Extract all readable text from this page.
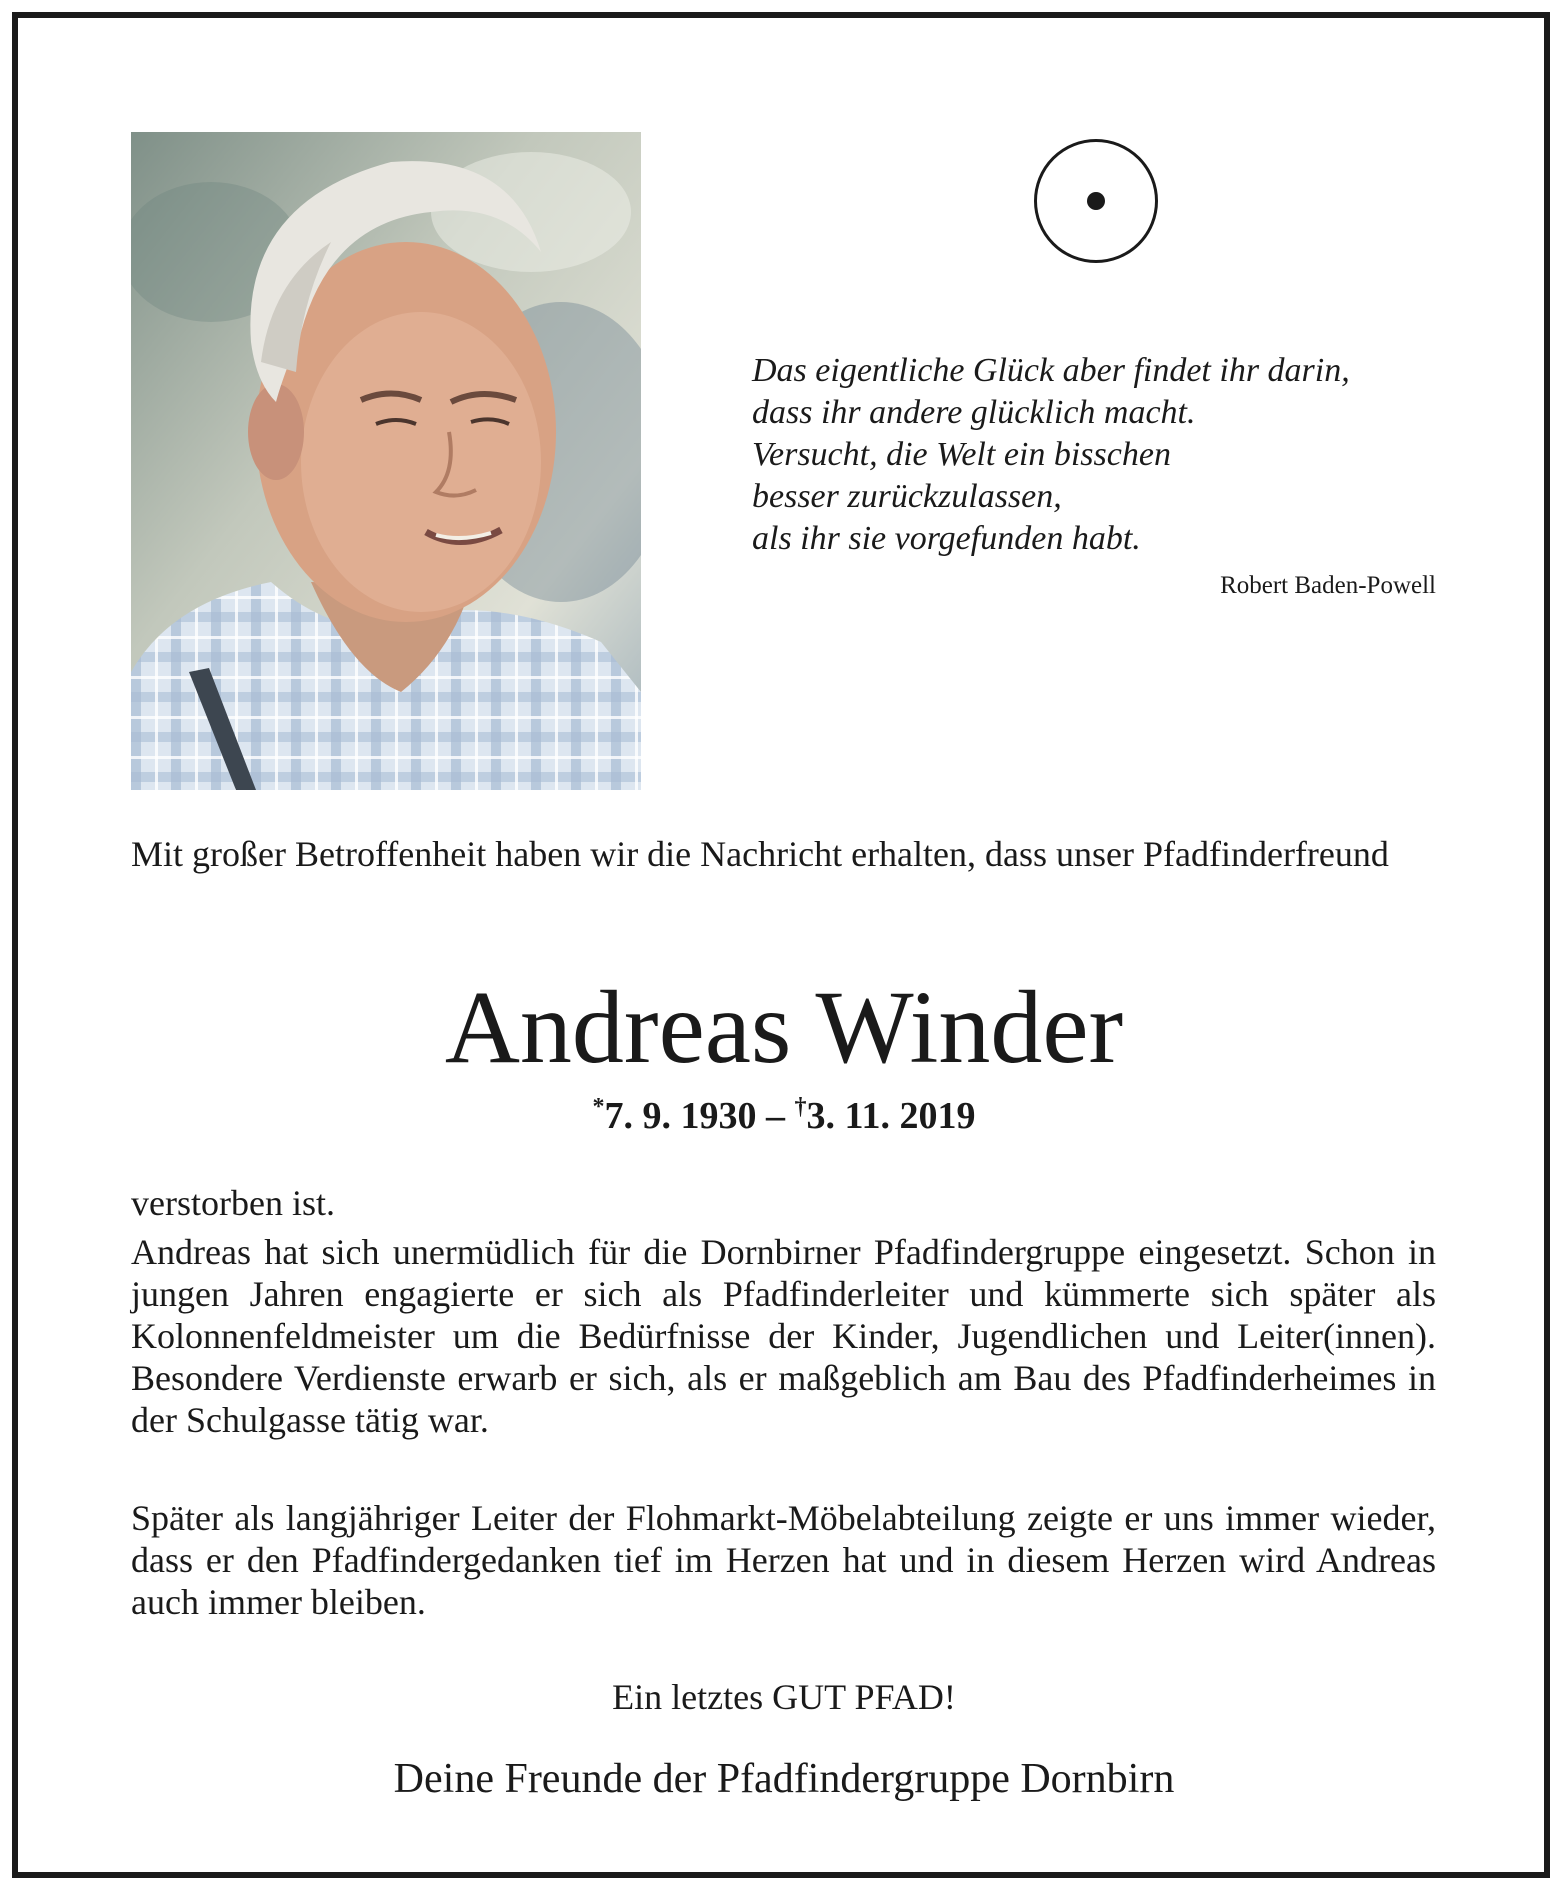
Das eigentliche Glück aber findet ihr darin,
dass ihr andere glücklich macht.
Versucht, die Welt ein bisschen
besser zurückzulassen,
als ihr sie vorgefunden habt.
Robert Baden-Powell
Mit großer Betroffenheit haben wir die Nachricht erhalten, dass unser Pfadfinderfreund
Andreas Winder
*7. 9. 1930 – †3. 11. 2019
verstorben ist.
Andreas hat sich unermüdlich für die Dornbirner Pfadfindergruppe eingesetzt. Schon in jungen Jahren engagierte er sich als Pfadfinderleiter und kümmerte sich später als Kolonnenfeldmeister um die Bedürfnisse der Kinder, Jugendlichen und Leiter(innen). Besondere Verdienste erwarb er sich, als er maßgeblich am Bau des Pfadfinderheimes in der Schulgasse tätig war.
Später als langjähriger Leiter der Flohmarkt-Möbelabteilung zeigte er uns immer wieder, dass er den Pfadfindergedanken tief im Herzen hat und in diesem Herzen wird Andreas auch immer bleiben.
Ein letztes GUT PFAD!
Deine Freunde der Pfadfindergruppe Dornbirn
